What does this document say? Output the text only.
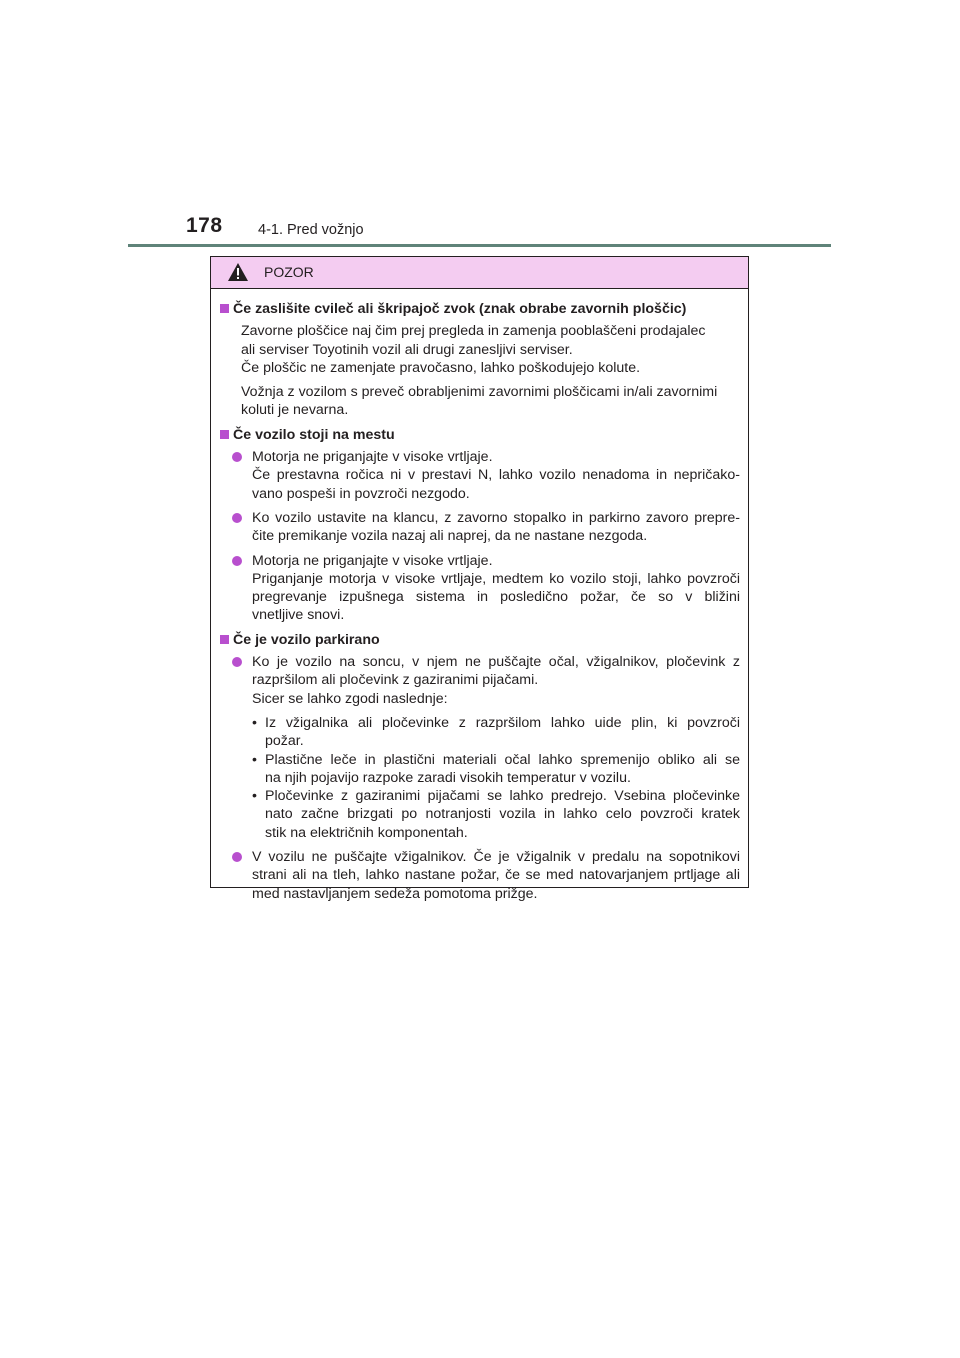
178 4-1. Pred vožnjo
POZOR
Če zaslišite cvileč ali škripajoč zvok (znak obrabe zavornih ploščic)
Zavorne ploščice naj čim prej pregleda in zamenja pooblaščeni prodajalec
ali serviser Toyotinih vozil ali drugi zanesljivi serviser.
Če ploščic ne zamenjate pravočasno, lahko poškodujejo kolute.
Vožnja z vozilom s preveč obrabljenimi zavornimi ploščicami in/ali zavornimi
koluti je nevarna.
Če vozilo stoji na mestu
Motorja ne priganjajte v visoke vrtljaje.
Če prestavna ročica ni v prestavi N, lahko vozilo nenadoma in nepričako-
vano pospeši in povzroči nezgodo.
Ko vozilo ustavite na klancu, z zavorno stopalko in parkirno zavoro prepre-
čite premikanje vozila nazaj ali naprej, da ne nastane nezgoda.
Motorja ne priganjajte v visoke vrtljaje.
Priganjanje motorja v visoke vrtljaje, medtem ko vozilo stoji, lahko povzroči
pregrevanje izpušnega sistema in posledično požar, če so v bližini
vnetljive snovi.
Če je vozilo parkirano
Ko je vozilo na soncu, v njem ne puščajte očal, vžigalnikov, pločevink z
razpršilom ali pločevink z gaziranimi pijačami.
Sicer se lahko zgodi naslednje:
• Iz vžigalnika ali pločevinke z razpršilom lahko uide plin, ki povzroči
požar.
• Plastične leče in plastični materiali očal lahko spremenijo obliko ali se
na njih pojavijo razpoke zaradi visokih temperatur v vozilu.
• Pločevinke z gaziranimi pijačami se lahko predrejo. Vsebina pločevinke
nato začne brizgati po notranjosti vozila in lahko celo povzroči kratek
stik na električnih komponentah.
V vozilu ne puščajte vžigalnikov. Če je vžigalnik v predalu na sopotnikovi
strani ali na tleh, lahko nastane požar, če se med natovarjanjem prtljage ali
med nastavljanjem sedeža pomotoma prižge.
